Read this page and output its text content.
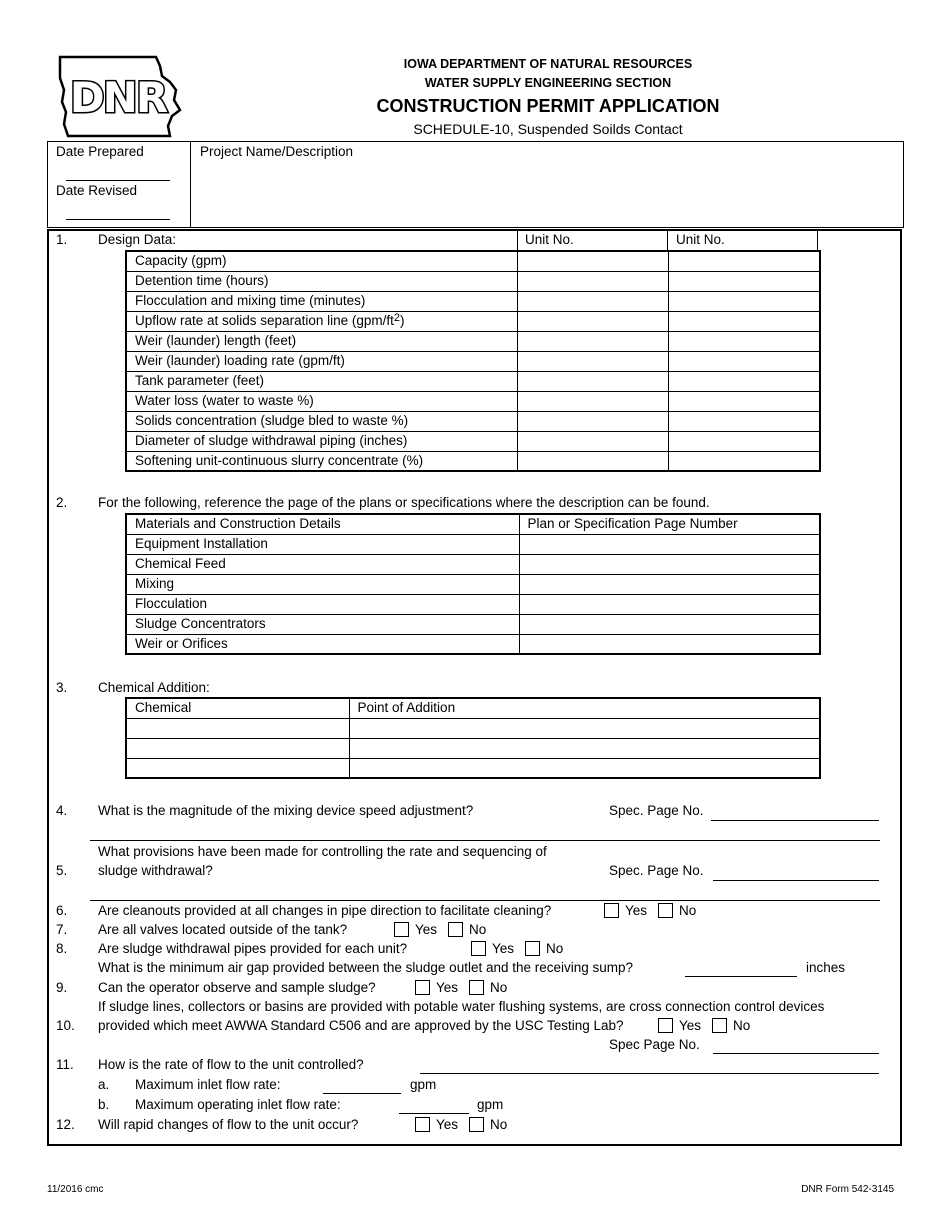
DNR
IOWA DEPARTMENT OF NATURAL RESOURCES
WATER SUPPLY ENGINEERING SECTION
CONSTRUCTION PERMIT APPLICATION
SCHEDULE-10, Suspended Soilds Contact
Date Prepared
Date Revised
Project Name/Description
1. Design Data:	Unit No.	Unit No.
Capacity (gpm)		
Detention time (hours)		
Flocculation and mixing time (minutes)		
Upflow rate at solids separation line $(gpm/ft^2)$		
Weir (launder) length (feet)		
Weir (launder) loading rate (gpm/ft)		
Tank parameter (feet)		
Water loss (water to waste %)		
Solids concentration (sludge bled to waste %)		
Diameter of sludge withdrawal piping (inches)		
Softening unit-continuous slurry concentrate (%)		
2. For the following, reference the page of the plans or specifications where the description can be found.
Materials and Construction Details	Plan or Specification Page Number
Equipment Installation	
Chemical Feed	
Mixing	
Flocculation	
Sludge Concentrators	
Weir or Orifices	
3. Chemical Addition:
Chemical	Point of Addition

4. What is the magnitude of the mixing device speed adjustment?	Spec. Page No.
What provisions have been made for controlling the rate and sequencing of
5. sludge withdrawal?	Spec. Page No.
6. Are cleanouts provided at all changes in pipe direction to facilitate cleaning?	Yes No
7. Are all valves located outside of the tank?	Yes No
8. Are sludge withdrawal pipes provided for each unit?	Yes No
What is the minimum air gap provided between the sludge outlet and the receiving sump?	inches
9. Can the operator observe and sample sludge?	Yes No
If sludge lines, collectors or basins are provided with potable water flushing systems, are cross connection control devices
10. provided which meet AWWA Standard C506 and are approved by the USC Testing Lab?	Yes No
Spec Page No.
11. How is the rate of flow to the unit controlled?
a. Maximum inlet flow rate:	gpm
b. Maximum operating inlet flow rate:	gpm
12. Will rapid changes of flow to the unit occur?	Yes No
11/2016 cmc	DNR Form 542-3145
